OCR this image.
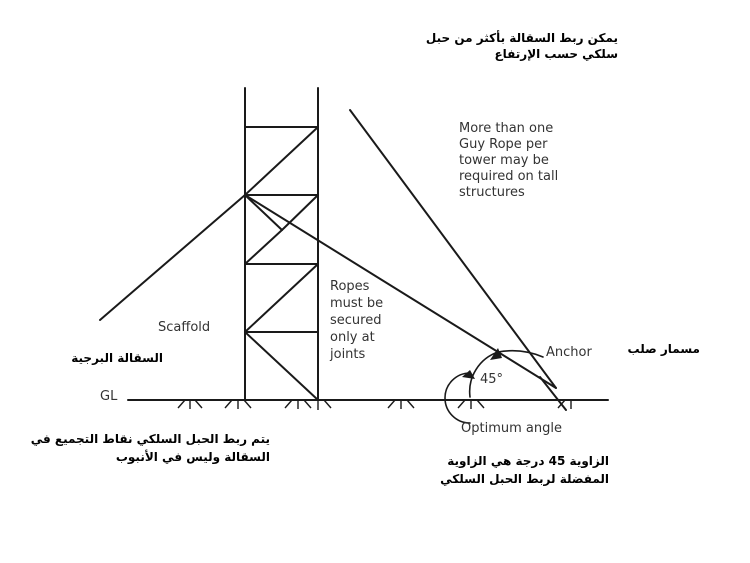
Scaffold
GL
Anchor
45°
Optimum angle
Ropes
must be
secured
only at
joints
More than one
Guy Rope per
tower may be
required on tall
structures
يمكن ربط السقالة بأكثر من حبل
سلكي حسب الإرتفاع
السقالة البرجية
مسمار صلب
يتم ربط الحبل السلكي نقاط التجميع في
السقالة وليس في الأنبوب	الزاوية 45 درجة هي الزاوية
المفضلة لربط الحبل السلكي
